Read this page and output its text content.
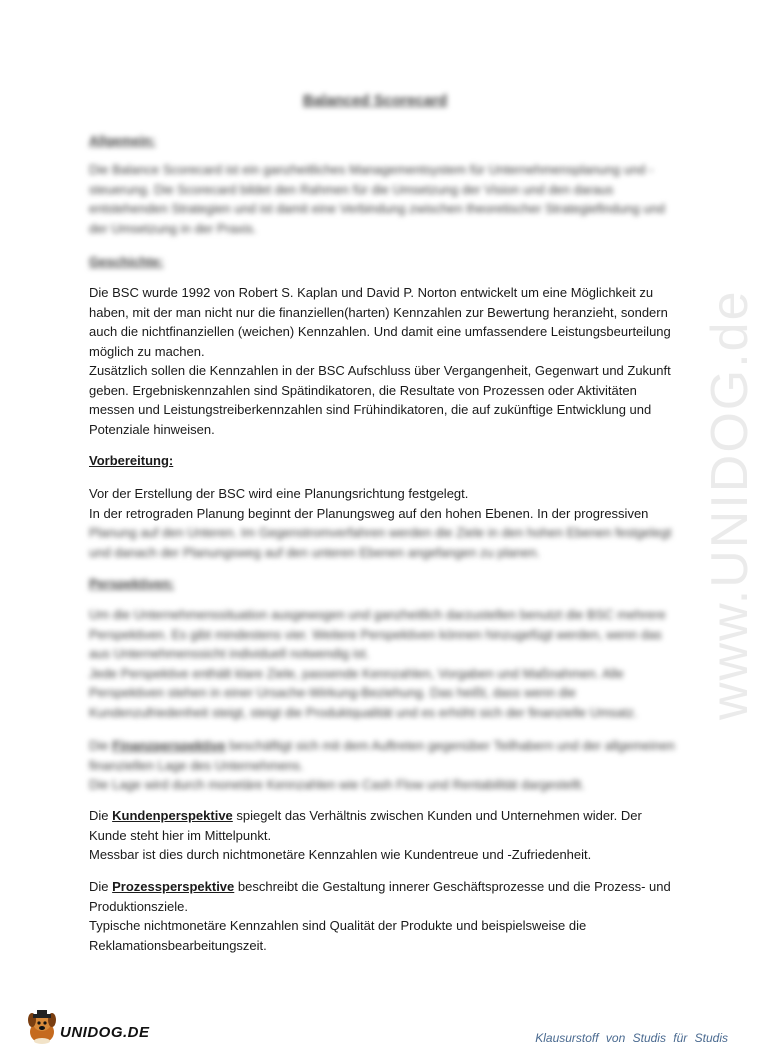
www.UNIDOG.de
Balanced Scorecard
Allgemein:
Die Balance Scorecard ist ein ganzheitliches Managementsystem für Unternehmensplanung und -
steuerung. Die Scorecard bildet den Rahmen für die Umsetzung der Vision und den daraus
entstehenden Strategien und ist damit eine Verbindung zwischen theoretischer Strategiefindung und
der Umsetzung in der Praxis.
Geschichte:
Die BSC wurde 1992 von Robert S. Kaplan und David P. Norton entwickelt um eine Möglichkeit zu
haben, mit der man nicht nur die finanziellen(harten) Kennzahlen zur Bewertung heranzieht, sondern
auch die nichtfinanziellen (weichen) Kennzahlen. Und damit eine umfassendere Leistungsbeurteilung
möglich zu machen.
Zusätzlich sollen die Kennzahlen in der BSC Aufschluss über Vergangenheit, Gegenwart und Zukunft
geben. Ergebniskennzahlen sind Spätindikatoren, die Resultate von Prozessen oder Aktivitäten
messen und Leistungstreiberkennzahlen sind Frühindikatoren, die auf zukünftige Entwicklung und
Potenziale hinweisen.
Vorbereitung:
Vor der Erstellung der BSC wird eine Planungsrichtung festgelegt.
In der retrograden Planung beginnt der Planungsweg auf den hohen Ebenen. In der progressiven
Planung auf den Unteren. Im Gegenstromverfahren werden die Ziele in den hohen Ebenen festgelegt
und danach der Planungsweg auf den unteren Ebenen angefangen zu planen.
Perspektiven:
Um die Unternehmenssituation ausgewogen und ganzheitlich darzustellen benutzt die BSC mehrere
Perspektiven. Es gibt mindestens vier. Weitere Perspektiven können hinzugefügt werden, wenn das
aus Unternehmenssicht individuell notwendig ist.
Jede Perspektive enthält klare Ziele, passende Kennzahlen, Vorgaben und Maßnahmen. Alle
Perspektiven stehen in einer Ursache-Wirkung-Beziehung. Das heißt, dass wenn die
Kundenzufriedenheit steigt, steigt die Produktqualität und es erhöht sich der finanzielle Umsatz.
Die Finanzperspektive beschäftigt sich mit dem Auftreten gegenüber Teilhabern und der allgemeinen
finanziellen Lage des Unternehmens.
Die Lage wird durch monetäre Kennzahlen wie Cash Flow und Rentabilität dargestellt.
Die Kundenperspektive spiegelt das Verhältnis zwischen Kunden und Unternehmen wider. Der
Kunde steht hier im Mittelpunkt.
Messbar ist dies durch nichtmonetäre Kennzahlen wie Kundentreue und -Zufriedenheit.
Die Prozessperspektive beschreibt die Gestaltung innerer Geschäftsprozesse und die Prozess- und
Produktionsziele.
Typische nichtmonetäre Kennzahlen sind Qualität der Produkte und beispielsweise die
Reklamationsbearbeitungszeit.
UNIDOG.DE	Klausurstoff von Studis für Studis
